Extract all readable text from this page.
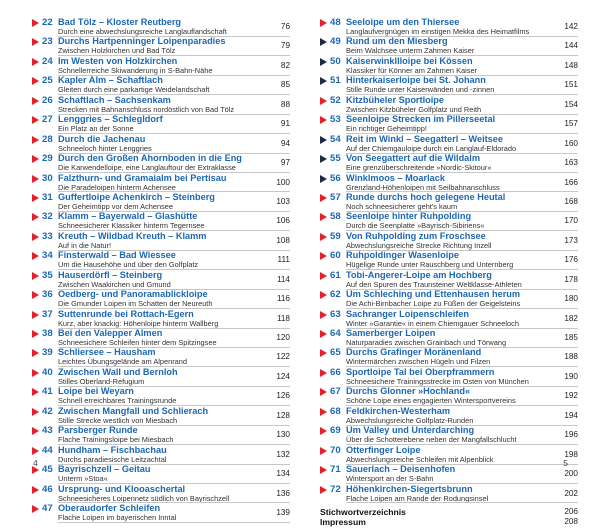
22 Bad Tölz – Kloster Reutberg
Durch eine abwechslungsreiche Langlauflandschaft
76
23 Durchs Hartpenninger Loipenparadies
Zwischen Holzkirchen und Bad Tölz
79
24 Im Westen von Holzkirchen
Schnellerreiche Skiwanderung in S-Bahn-Nähe
82
25 Kapler Alm – Schaftlach
Gleiten durch eine parkartige Weidelandschaft
85
26 Schaftlach – Sachsenkam
Strecken mit Bahnanschluss nordöstlich von Bad Tölz
88
27 Lenggries – Schlegldorf
Ein Platz an der Sonne
91
28 Durch die Jachenau
Schneeloch hinter Lenggries
94
29 Durch den Großen Ahornboden in die Eng
Die Karwendelloipe, eine Langlauftour der Extraklasse
97
30 Falzthurn- und Gramaialm bei Pertisau
Die Paradeloipen hinterm Achensee
100
31 Guffertloipe Achenkirch – Steinberg
Der Geheimtipp vor dem Achensee
103
32 Klamm – Bayerwald – Glashütte
Schneesicherer Klassiker hinterm Tegernsee
106
33 Kreuth – Wildbad Kreuth – Klamm
Auf in die Natur!
108
34 Finsterwald – Bad Wiessee
Um die Hausehöhe und über den Golfplatz
111
35 Hauserdörfl – Steinberg
Zwischen Waakirchen und Gmund
114
36 Oedberg- und Panoramablickloipe
Die Gmunder Loipen im Schatten der Neureuth
116
37 Suttenrunde bei Rottach-Egern
Kurz, aber knackig: Höhenloipe hinterm Wallberg
118
38 Bei den Valepper Almen
Schneesichere Schleifen hinter dem Spitzingsee
120
39 Schliersee – Hausham
Leichtes Übungsgelände am Alpenrand
122
40 Zwischen Wall und Bernloh
Stilles Oberland-Refugium
124
41 Loipe bei Weyarn
Schnell erreichbares Trainingsrunde
126
42 Zwischen Mangfall und Schlierach
Stille Strecke westlich von Miesbach
128
43 Parsberger Runde
Flache Trainingsloipe bei Miesbach
130
44 Hundham – Fischbachau
Durchs paradiesische Leitzachtal
132
45 Bayrischzell – Geitau
Unterm »Stoa«
134
46 Ursprung- und Klooaschertal
Schneesicheres Loipennetz südlich von Bayrischzell
136
47 Oberaudorfer Schleifen
Flache Loipen im bayerischen Inntal
139
48 Seeloipe um den Thiersee
Langlaufvergnügen im einstigen Mekka des Heimatfilms
142
49 Rund um den Miesberg
Beim Walchsee unterm Zahmen Kaiser
144
50 Kaiserwinkllloipe bei Kössen
Klassiker für Könner am Zahmen Kaiser
148
51 Hinterkaiserloipe bei St. Johann
Stille Runde unter Kaiserwänden und -zinnen
151
52 Kitzbüheler Sportloipe
Zwischen Kitzbüheler Golfplatz und Reith
154
53 Seenloipe Strecken im Pillerseetal
Ein richtiger Geheimtipp!
157
54 Reit im Winkl – Seegatterl – Weitsee
Auf der Chiemgauloipe durch ein Langlauf-Eldorado
160
55 Von Seegattert auf die Wildalm
Eine grenzüberschreitende »Nordic-Skitour«
163
56 Winklmoos – Moarlack
Grenzland-Höhenloipen mit Seilbahnanschluss
166
57 Runde durchs hoch gelegene Heutal
Noch schneesicherer geht's kaum
168
58 Seenloipe hinter Ruhpolding
Durch die Seenplatte »Bayrisch-Sibiriens«
170
59 Von Ruhpolding zum Froschsee
Abwechslungsreiche Strecke Richtung Inzell
173
60 Ruhpoldinger Wasenloipe
Hügelige Runde unter Rauschberg und Unternberg
176
61 Tobi-Angerer-Loipe am Hochberg
Auf den Spuren des Traunsteiner Weltklasse-Athleten
178
62 Um Schleching und Ettenhausen herum
Die Achi-Birnbacher Loipe zu Füßen der Geigelsteins
180
63 Sachranger Loipenschleifen
Winter »Garantie« in einem Chiemgauer Schneeloch
182
64 Samerberger Loipen
Naturparadies zwischen Grainbach und Törwang
185
65 Durchs Grafinger Moränenland
Wintermärchen zwischen Hügeln und Filzen
188
66 Sportloipe Tal bei Oberpframmern
Schneesichere Trainingsstrecke im Osten von München
190
67 Durchs Glonner »Hochland«
Schöne Loipe eines engagierten Wintersportvereins
192
68 Feldkirchen-Westerham
Abwechslungsreiche Golfplatz-Runden
194
69 Um Valley und Unterdarching
Über die Schotterebene neben der Mangfallschlucht
196
70 Otterfinger Loipe
Abwechslungsreiche Schleifen mit Alpenblick
198
71 Sauerlach – Deisenhofen
Wintersport an der S-Bahn
200
72 Höhenkirchen-Siegertsbrunn
Flache Loipen am Rande der Rodungsinsel
202
Stichwortverzeichnis	206
Impressum	208
4	5
